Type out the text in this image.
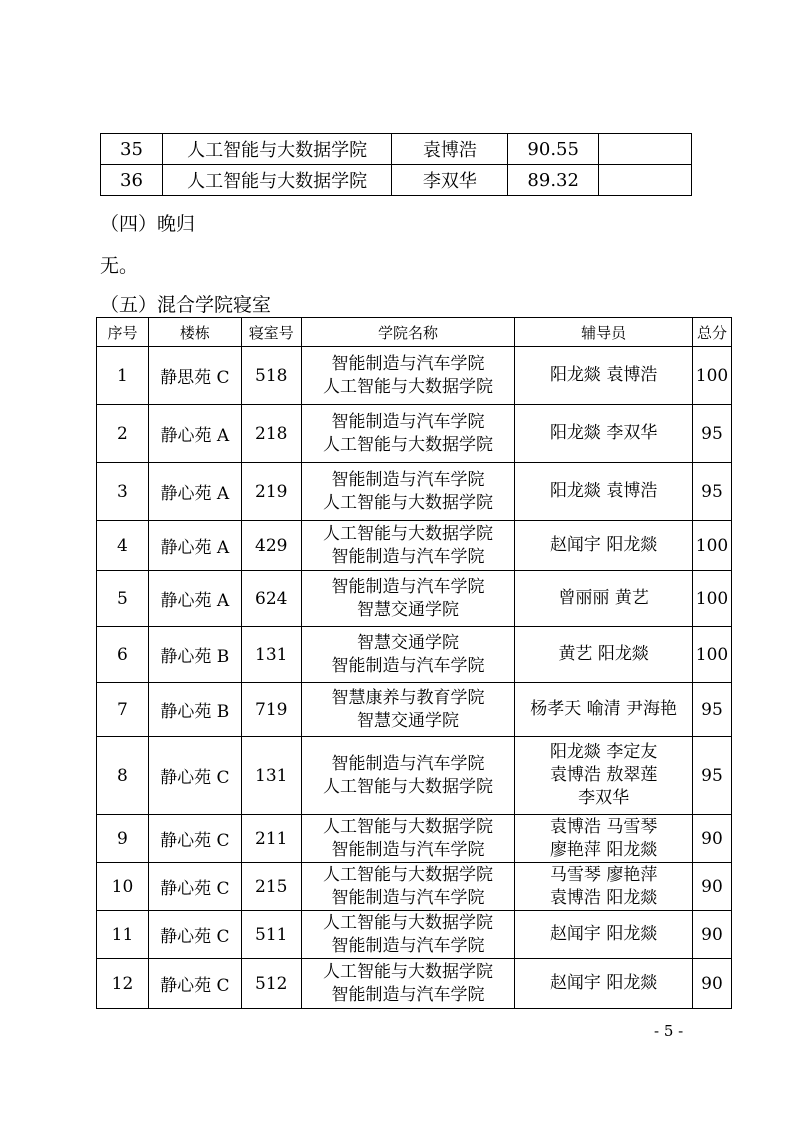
35	人工智能与大数据学院	袁博浩	90.55	
36	人工智能与大数据学院	李双华	89.32	
（四）晚归
无。
（五）混合学院寝室
序号	楼栋	寝室号	学院名称	辅导员	总分
1	静思苑 C	518	智能制造与汽车学院
人工智能与大数据学院	阳龙燚 袁博浩	100
2	静心苑 A	218	智能制造与汽车学院
人工智能与大数据学院	阳龙燚 李双华	95
3	静心苑 A	219	智能制造与汽车学院
人工智能与大数据学院	阳龙燚 袁博浩	95
4	静心苑 A	429	人工智能与大数据学院
智能制造与汽车学院	赵闻宇 阳龙燚	100
5	静心苑 A	624	智能制造与汽车学院
智慧交通学院	曾丽丽 黄艺	100
6	静心苑 B	131	智慧交通学院
智能制造与汽车学院	黄艺 阳龙燚	100
7	静心苑 B	719	智慧康养与教育学院
智慧交通学院	杨孝天 喻清 尹海艳	95
8	静心苑 C	131	智能制造与汽车学院
人工智能与大数据学院	阳龙燚 李定友
袁博浩 敖翠莲
李双华	95
9	静心苑 C	211	人工智能与大数据学院
智能制造与汽车学院	袁博浩 马雪琴
廖艳萍 阳龙燚	90
10	静心苑 C	215	人工智能与大数据学院
智能制造与汽车学院	马雪琴 廖艳萍
袁博浩 阳龙燚	90
11	静心苑 C	511	人工智能与大数据学院
智能制造与汽车学院	赵闻宇 阳龙燚	90
12	静心苑 C	512	人工智能与大数据学院
智能制造与汽车学院	赵闻宇 阳龙燚	90
- 5 -
